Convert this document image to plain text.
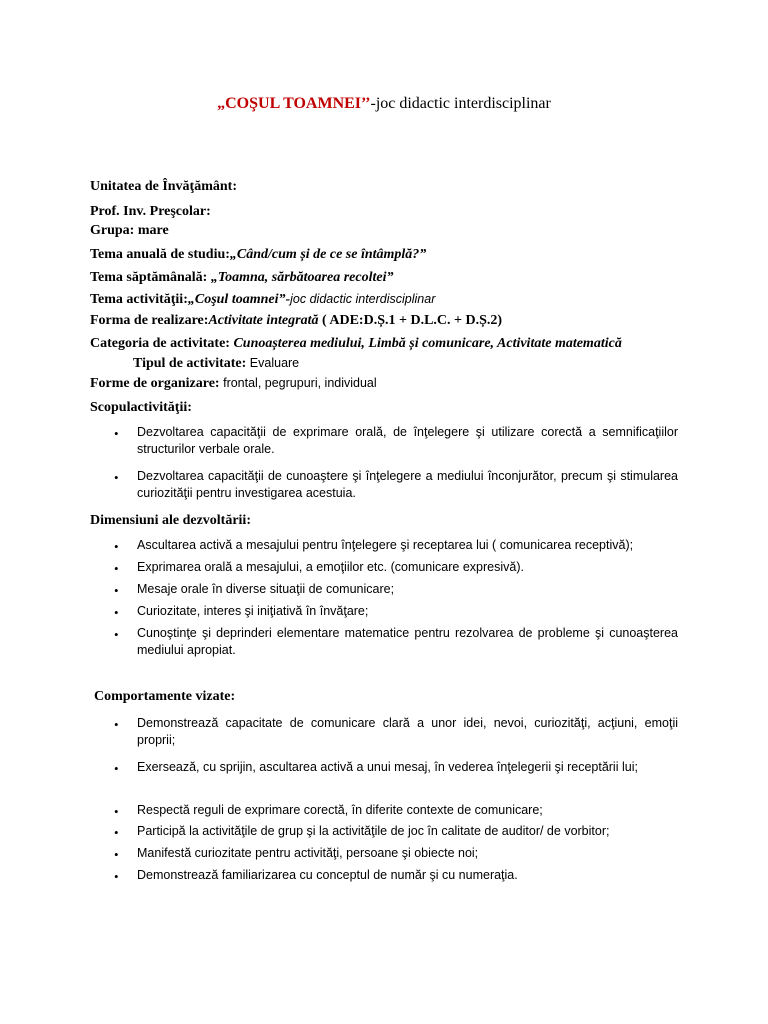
„COŞUL TOAMNEI’’-joc didactic interdisciplinar
Unitatea de Învăţământ:
Prof. Inv. Preşcolar:
Grupa: mare
Tema anuală de studiu:„Când/cum și de ce se întâmplă?”
Tema săptămânală: „Toamna, sărbătoarea recoltei”
Tema activităţii:„Coşul toamnei”-joc didactic interdisciplinar
Forma de realizare:Activitate integrată ( ADE:D.Ș.1 + D.L.C. + D.Ș.2)
Categoria de activitate: Cunoașterea mediului, Limbă și comunicare, Activitate matematică
Tipul de activitate: Evaluare
Forme de organizare: frontal, pegrupuri, individual
Scopulactivităţii:
• Dezvoltarea capacităţii de exprimare orală, de înţelegere şi utilizare corectă a semnificaţiilor structurilor verbale orale.
• Dezvoltarea capacităţii de cunoaştere şi înţelegere a mediului înconjurător, precum şi stimularea curiozităţii pentru investigarea acestuia.
Dimensiuni ale dezvoltării:
• Ascultarea activă a mesajului pentru înţelegere şi receptarea lui ( comunicarea receptivă);
• Exprimarea orală a mesajului, a emoţiilor etc. (comunicare expresivă).
• Mesaje orale în diverse situaţii de comunicare;
• Curiozitate, interes şi iniţiativă în învăţare;
• Cunoştinţe şi deprinderi elementare matematice pentru rezolvarea de probleme şi cunoaşterea mediului apropiat.
Comportamente vizate:
• Demonstrează capacitate de comunicare clară a unor idei, nevoi, curiozităţi, acţiuni, emoţii proprii;
• Exersează, cu sprijin, ascultarea activă a unui mesaj, în vederea înţelegerii şi receptării lui;
• Respectă reguli de exprimare corectă, în diferite contexte de comunicare;
• Participă la activităţile de grup şi la activităţile de joc în calitate de auditor/ de vorbitor;
• Manifestă curiozitate pentru activităţi, persoane şi obiecte noi;
• Demonstrează familiarizarea cu conceptul de număr şi cu numeraţia.
